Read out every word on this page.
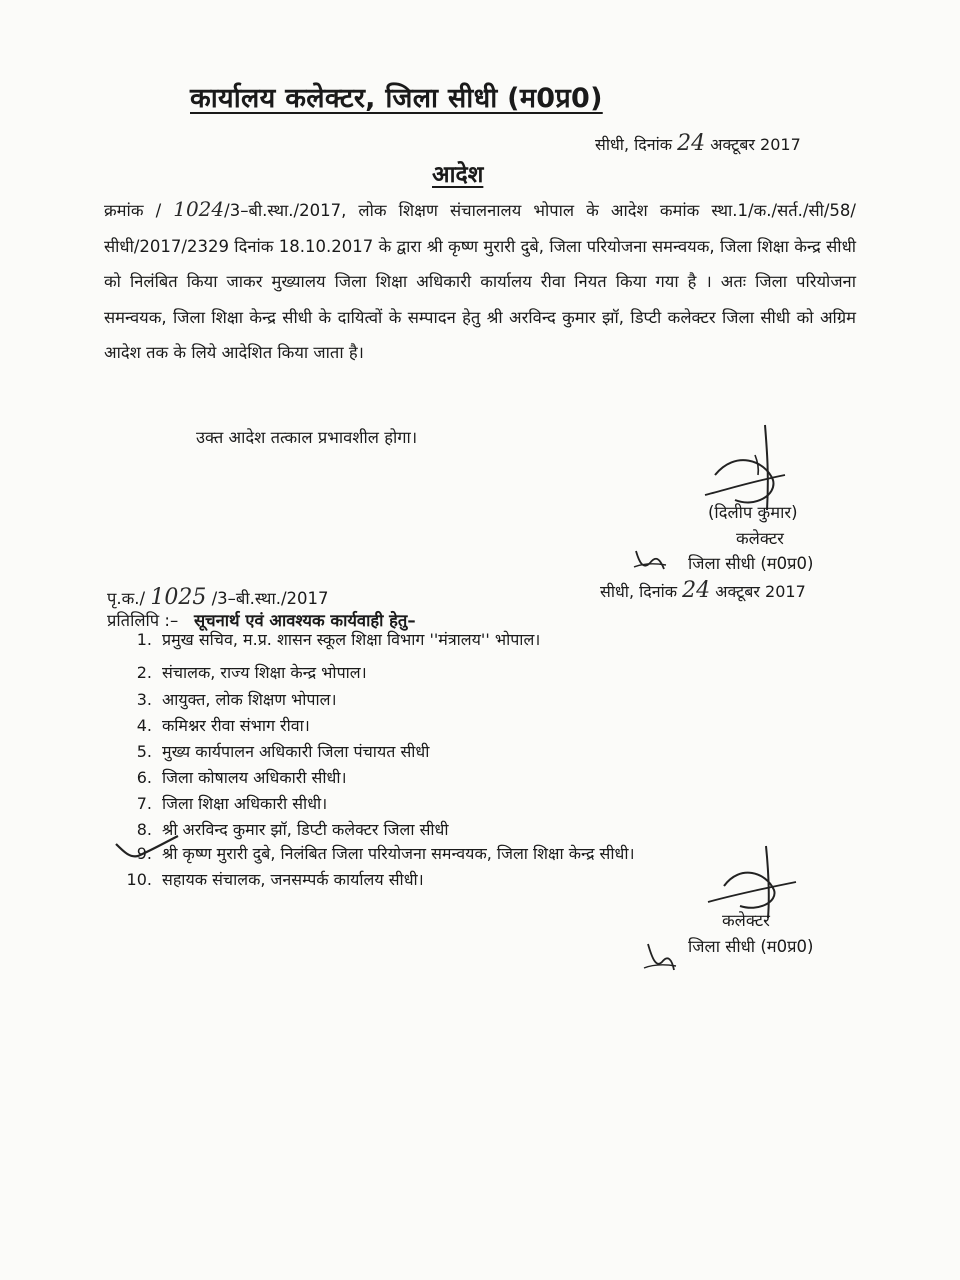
कार्यालय कलेक्टर, जिला सीधी (म0प्र0)
सीधी, दिनांक 24 अक्टूबर 2017
आदेश
क्रमांक / 1024/3–बी.स्था./2017, लोक शिक्षण संचालनालय भोपाल के आदेश कमांक स्था.1/क./सर्त./सी/58/सीधी/2017/2329 दिनांक 18.10.2017 के द्वारा श्री कृष्ण मुरारी दुबे, जिला परियोजना समन्वयक, जिला शिक्षा केन्द्र सीधी को निलंबित किया जाकर मुख्यालय जिला शिक्षा अधिकारी कार्यालय रीवा नियत किया गया है । अतः जिला परियोजना समन्वयक, जिला शिक्षा केन्द्र सीधी के दायित्वों के सम्पादन हेतु श्री अरविन्द कुमार झॉ, डिप्टी कलेक्टर जिला सीधी को अग्रिम आदेश तक के लिये आदेशित किया जाता है।
उक्त आदेश तत्काल प्रभावशील होगा।
(दिलीप कुमार)
कलेक्टर
जिला सीधी (म0प्र0)
सीधी, दिनांक 24 अक्टूबर 2017
पृ.क./ 1025 /3–बी.स्था./2017
प्रतिलिपि :– सूचनार्थ एवं आवश्यक कार्यवाही हेतु–
1. प्रमुख सचिव, म.प्र. शासन स्कूल शिक्षा विभाग ''मंत्रालय'' भोपाल।
2. संचालक, राज्य शिक्षा केन्द्र भोपाल।
3. आयुक्त, लोक शिक्षण भोपाल।
4. कमिश्नर रीवा संभाग रीवा।
5. मुख्य कार्यपालन अधिकारी जिला पंचायत सीधी
6. जिला कोषालय अधिकारी सीधी।
7. जिला शिक्षा अधिकारी सीधी।
8. श्री अरविन्द कुमार झॉ, डिप्टी कलेक्टर जिला सीधी
9. श्री कृष्ण मुरारी दुबे, निलंबित जिला परियोजना समन्वयक, जिला शिक्षा केन्द्र सीधी।
10. सहायक संचालक, जनसम्पर्क कार्यालय सीधी।
कलेक्टर
जिला सीधी (म0प्र0)
